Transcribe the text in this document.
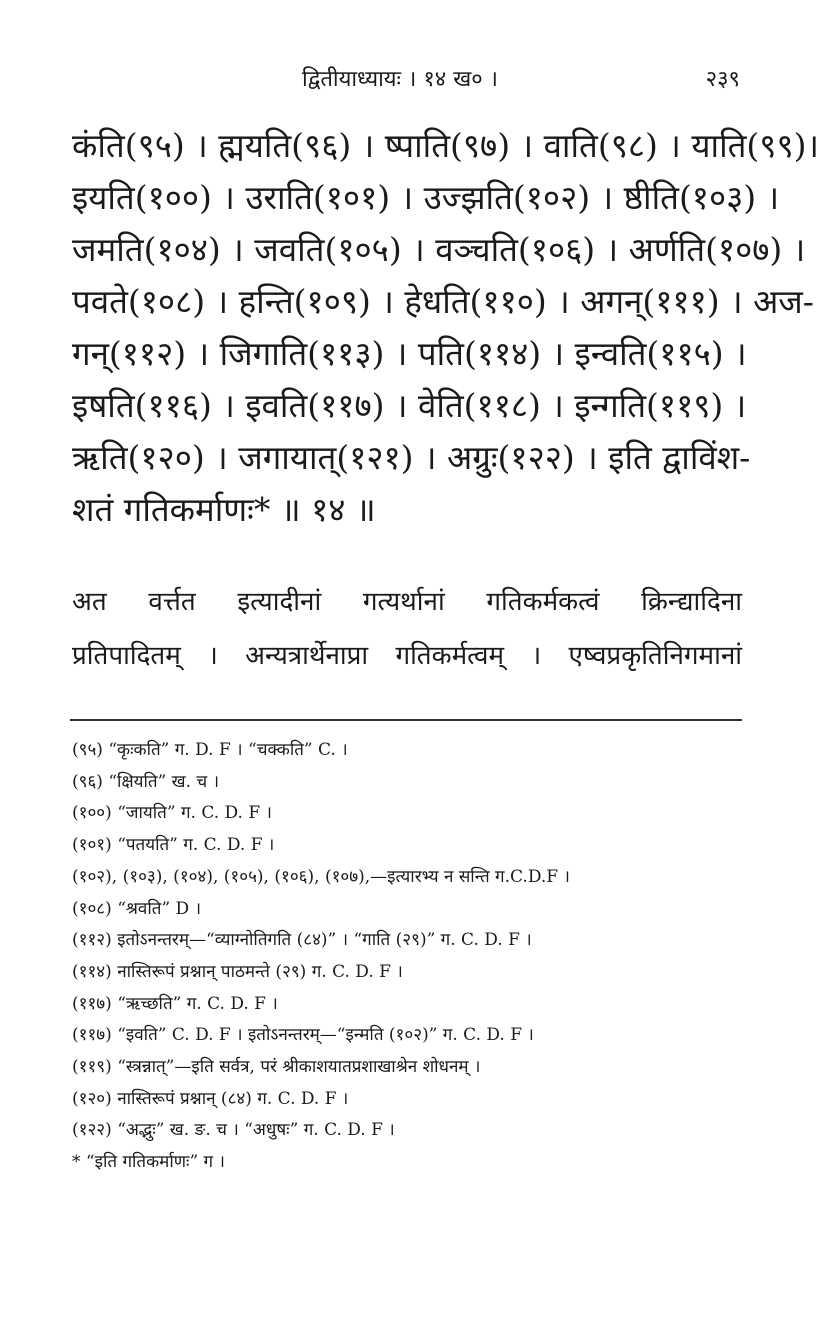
द्वितीयाध्यायः । १४ ख० ।	२३९
कंति(९५) । ह्मयति(९६) । ष्पाति(९७) । वाति(९८) । याति(९९)।
इयति(१००) । उराति(१०१) । उज्झति(१०२) । ष्ठीति(१०३) ।
जमति(१०४) । जवति(१०५) । वञ्चति(१०६) । अर्णति(१०७) ।
पवते(१०८) । हन्ति(१०९) । हेधति(११०) । अगन्(१११) । अज-
गन्(११२) । जिगाति(११३) । पति(११४) । इन्वति(११५) ।
इषति(११६) । इवति(११७) । वेति(११८) । इन्गति(११९) ।
ऋति(१२०) । जगायात्(१२१) । अग्रुः(१२२) । इति द्वाविंश-
शतं गतिकर्माणः* ॥ १४ ॥
अत वर्त्तत इत्यादीनां गत्यर्थानां गतिकर्मकत्वं क्रिन्द्यादिना
प्रतिपादितम् । अन्यत्रार्थेनाप्रा गतिकर्मत्वम् । एष्वप्रकृतिनिगमानां
(९५) “कृःकति” ग. D. F । “चक्कति” C. ।
(९६) “क्षियति” ख. च ।
(१००) “जायति” ग. C. D. F ।
(१०१) “पतयति” ग. C. D. F ।
(१०२), (१०३), (१०४), (१०५), (१०६), (१०७),—इत्यारभ्य न सन्ति ग.C.D.F ।
(१०८) “श्रवति” D ।
(११२) इतोऽनन्तरम्—“व्याग्नोतिगति (८४)” । “गाति (२९)” ग. C. D. F ।
(११४) नास्तिरूपं प्रश्नान् पाठमन्ते (२९) ग. C. D. F ।
(११७) “ऋच्छति” ग. C. D. F ।
(११७) “इवति” C. D. F । इतोऽनन्तरम्—“इन्मति (१०२)” ग. C. D. F ।
(११९) “स्त्रन्नात्”—इति सर्वत्र, परं श्रीकाशयातप्रशाखाश्रेन शोधनम् ।
(१२०) नास्तिरूपं प्रश्नान् (८४) ग. C. D. F ।
(१२२) “अद्भुः” ख. ङ. च । “अधुषः” ग. C. D. F ।
* “इति गतिकर्माणः” ग ।
